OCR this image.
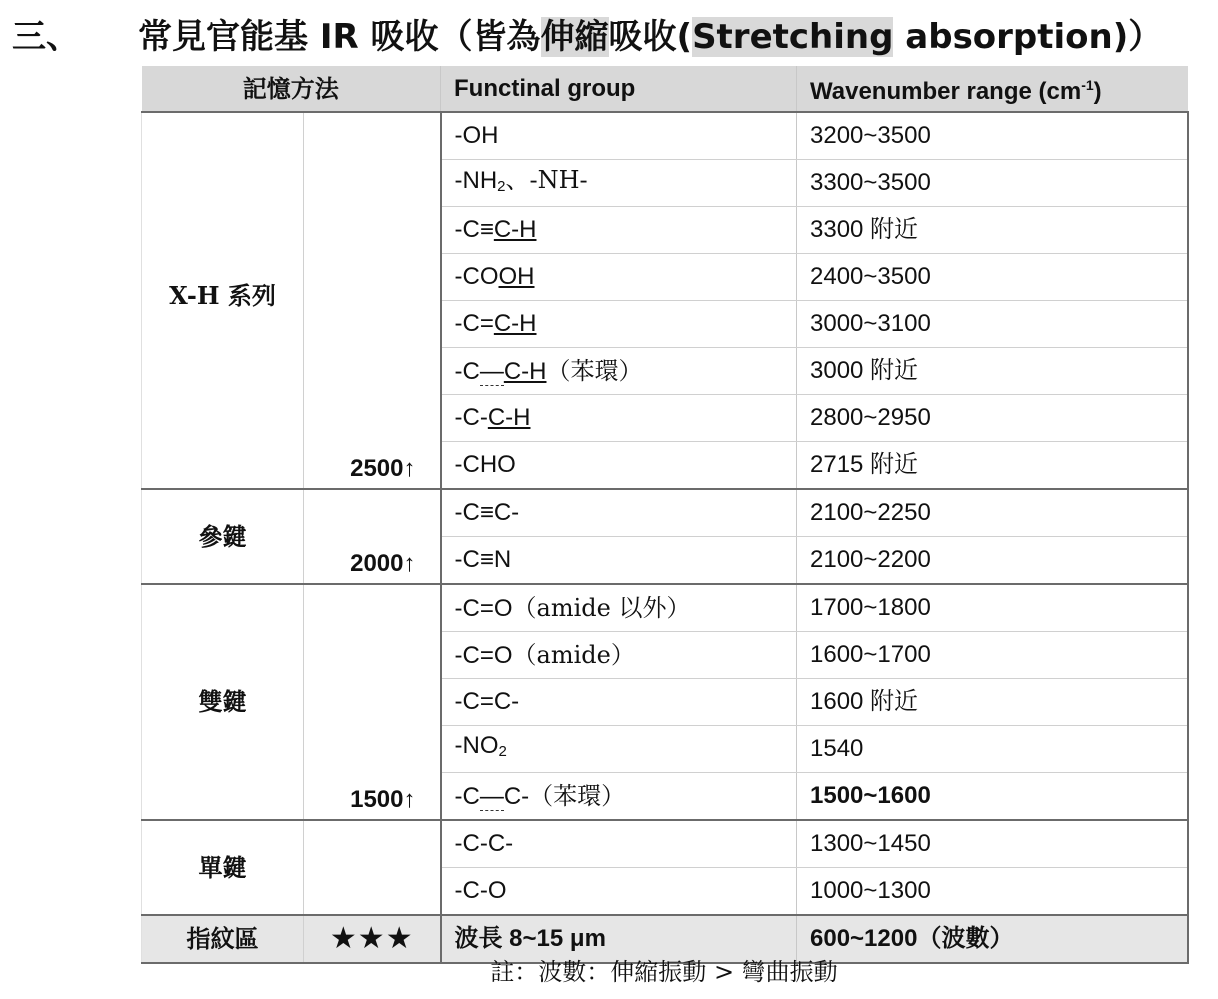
三、 常見官能基 IR 吸收（皆為伸縮吸收(Stretching absorption)）
記憶方法		Functinal group	Wavenumber range $(cm^{-1})$
X-H 系列	2500↑	-OH	3200~3500
		$-NH_2$、-NH-	3300~3500
		-C≡C-H	3300 附近
		-COOH	2400~3500
		-C=C-H	3000~3100
		-C—C-H（苯環）	3000 附近
		-C-C-H	2800~2950
		-CHO	2715 附近
參鍵	2000↑	-C≡C-	2100~2250
		-C≡N	2100~2200
雙鍵	1500↑	-C=O（amide 以外）	1700~1800
		-C=O（amide）	1600~1700
		-C=C-	1600 附近
		$-NO_2$	1540
		-C—C-（苯環）	1500~1600
單鍵		-C-C-	1300~1450
		-C-O	1000~1300
指紋區	★★★	波長 8~15 μm	600~1200（波數）
註：波數：伸縮振動 > 彎曲振動
